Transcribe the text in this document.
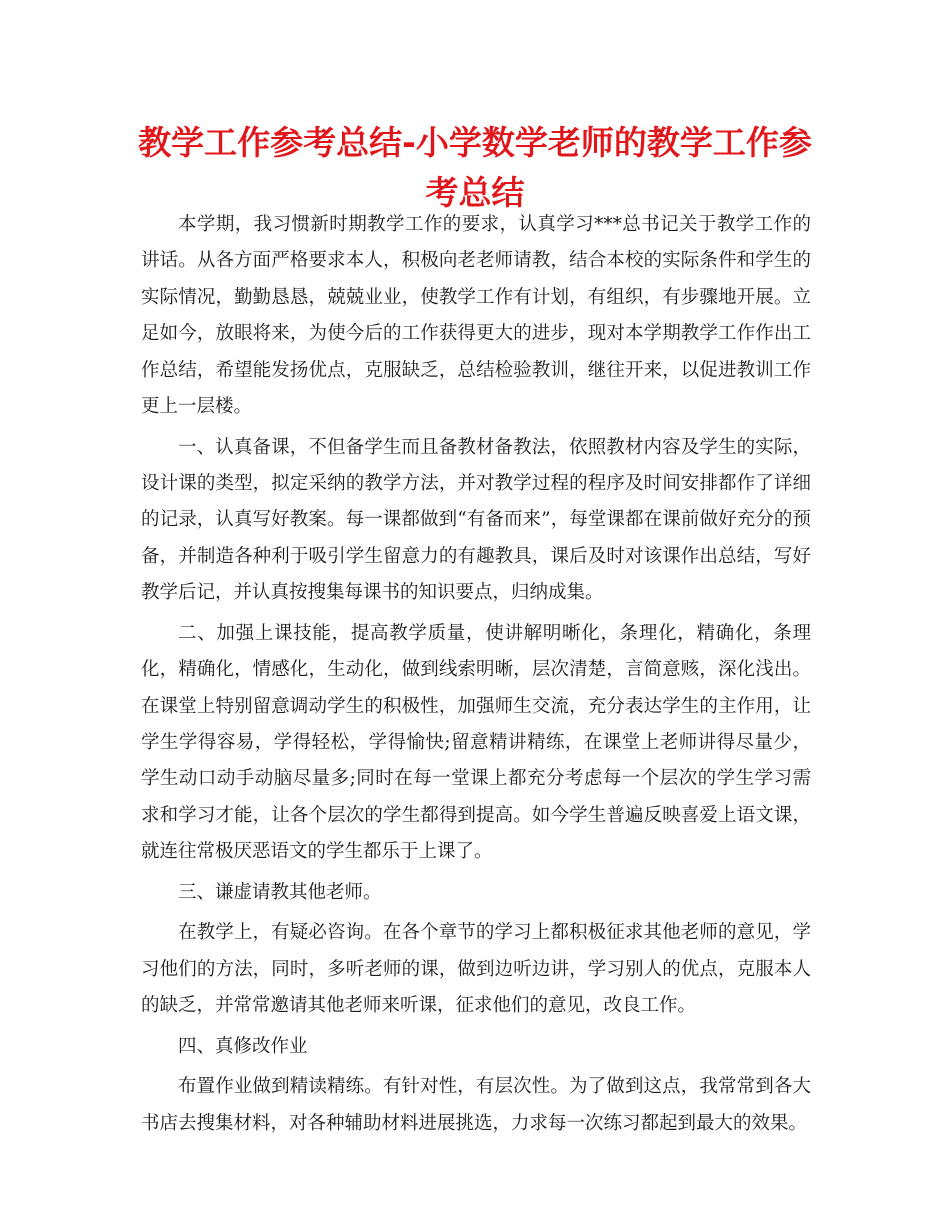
教学工作参考总结-小学数学老师的教学工作参考总结

本学期，我习惯新时期教学工作的要求，认真学习***总书记关于教学工作的讲话。从各方面严格要求本人，积极向老老师请教，结合本校的实际条件和学生的实际情况，勤勤恳恳，兢兢业业，使教学工作有计划，有组织，有步骤地开展。立足如今，放眼将来，为使今后的工作获得更大的进步，现对本学期教学工作作出工作总结，希望能发扬优点，克服缺乏，总结检验教训，继往开来，以促进教训工作更上一层楼。

一、认真备课，不但备学生而且备教材备教法，依照教材内容及学生的实际，设计课的类型，拟定采纳的教学方法，并对教学过程的程序及时间安排都作了详细的记录，认真写好教案。每一课都做到“有备而来”，每堂课都在课前做好充分的预备，并制造各种利于吸引学生留意力的有趣教具，课后及时对该课作出总结，写好教学后记，并认真按搜集每课书的知识要点，归纳成集。

二、加强上课技能，提高教学质量，使讲解明晰化，条理化，精确化，条理化，精确化，情感化，生动化，做到线索明晰，层次清楚，言简意赅，深化浅出。在课堂上特别留意调动学生的积极性，加强师生交流，充分表达学生的主作用，让学生学得容易，学得轻松，学得愉快;留意精讲精练，在课堂上老师讲得尽量少，学生动口动手动脑尽量多;同时在每一堂课上都充分考虑每一个层次的学生学习需求和学习才能，让各个层次的学生都得到提高。如今学生普遍反映喜爱上语文课，就连往常极厌恶语文的学生都乐于上课了。

三、谦虚请教其他老师。

在教学上，有疑必咨询。在各个章节的学习上都积极征求其他老师的意见，学习他们的方法，同时，多听老师的课，做到边听边讲，学习别人的优点，克服本人的缺乏，并常常邀请其他老师来听课，征求他们的意见，改良工作。

四、真修改作业

布置作业做到精读精练。有针对性，有层次性。为了做到这点，我常常到各大书店去搜集材料，对各种辅助材料进展挑选，力求每一次练习都起到最大的效果。
